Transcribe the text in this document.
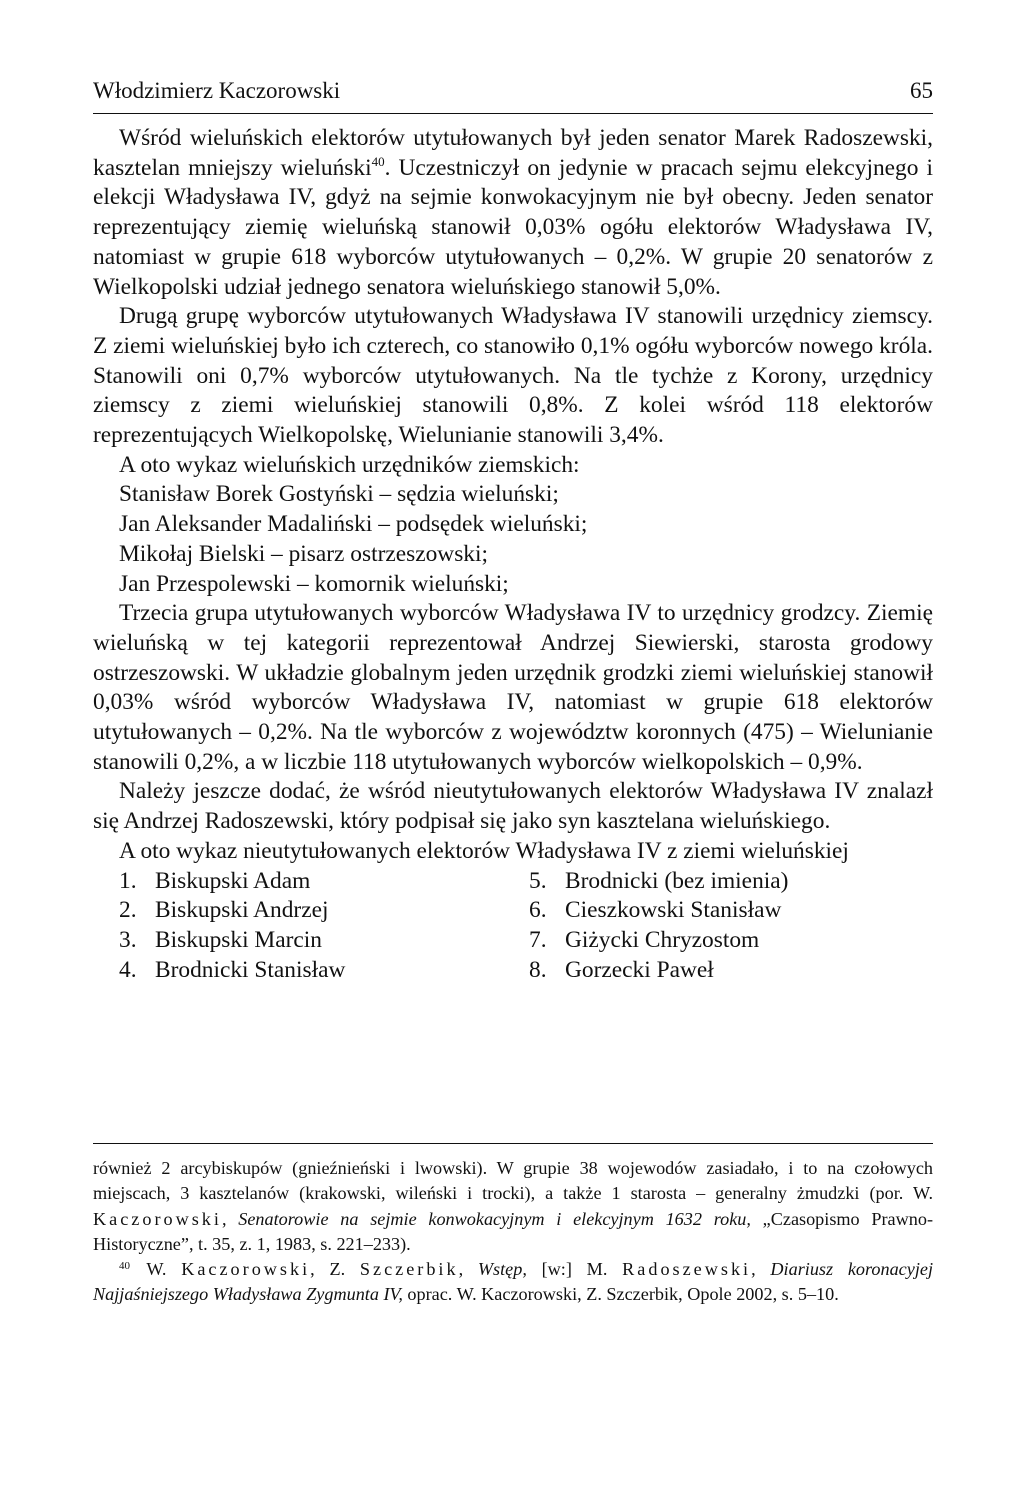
Włodzimierz Kaczorowski	65

Wśród wieluńskich elektorów utytułowanych był jeden senator Marek Radoszewski, kasztelan mniejszy wieluński$^{40}$. Uczestniczył on jedynie w pracach sejmu elekcyjnego i elekcji Władysława IV, gdyż na sejmie konwokacyjnym nie był obecny. Jeden senator reprezentujący ziemię wieluńską stanowił 0,03% ogółu elektorów Władysława IV, natomiast w grupie 618 wyborców utytułowanych – 0,2%. W grupie 20 senatorów z Wielkopolski udział jednego senatora wieluńskiego stanowił 5,0%.

Drugą grupę wyborców utytułowanych Władysława IV stanowili urzędnicy ziemscy. Z ziemi wieluńskiej było ich czterech, co stanowiło 0,1% ogółu wyborców nowego króla. Stanowili oni 0,7% wyborców utytułowanych. Na tle tychże z Korony, urzędnicy ziemscy z ziemi wieluńskiej stanowili 0,8%. Z kolei wśród 118 elektorów reprezentujących Wielkopolskę, Wielunianie stanowili 3,4%.

A oto wykaz wieluńskich urzędników ziemskich:

Stanisław Borek Gostyński – sędzia wieluński;

Jan Aleksander Madaliński – podsędek wieluński;

Mikołaj Bielski – pisarz ostrzeszowski;

Jan Przespolewski – komornik wieluński;

Trzecia grupa utytułowanych wyborców Władysława IV to urzędnicy grodzcy. Ziemię wieluńską w tej kategorii reprezentował Andrzej Siewierski, starosta grodowy ostrzeszowski. W układzie globalnym jeden urzędnik grodzki ziemi wieluńskiej stanowił 0,03% wśród wyborców Władysława IV, natomiast w grupie 618 elektorów utytułowanych – 0,2%. Na tle wyborców z województw koronnych (475) – Wielunianie stanowili 0,2%, a w liczbie 118 utytułowanych wyborców wielkopolskich – 0,9%.

Należy jeszcze dodać, że wśród nieutytułowanych elektorów Władysława IV znalazł się Andrzej Radoszewski, który podpisał się jako syn kasztelana wieluńskiego.

A oto wykaz nieutytułowanych elektorów Władysława IV z ziemi wieluńskiej

1. Biskupski Adam	5. Brodnicki (bez imienia)
2. Biskupski Andrzej	6. Cieszkowski Stanisław
3. Biskupski Marcin	7. Giżycki Chryzostom
4. Brodnicki Stanisław	8. Gorzecki Paweł

również 2 arcybiskupów (gnieźnieński i lwowski). W grupie 38 wojewodów zasiadało, i to na czołowych miejscach, 3 kasztelanów (krakowski, wileński i trocki), a także 1 starosta – generalny żmudzki (por. W. Kaczorowski, Senatorowie na sejmie konwokacyjnym i elekcyjnym 1632 roku, „Czasopismo Prawno-Historyczne”, t. 35, z. 1, 1983, s. 221–233).

$^{40}$ W. Kaczorowski, Z. Szczerbik, Wstęp, [w:] M. Radoszewski, Diariusz koronacyjej Najjaśniejszego Władysława Zygmunta IV, oprac. W. Kaczorowski, Z. Szczerbik, Opole 2002, s. 5–10.
